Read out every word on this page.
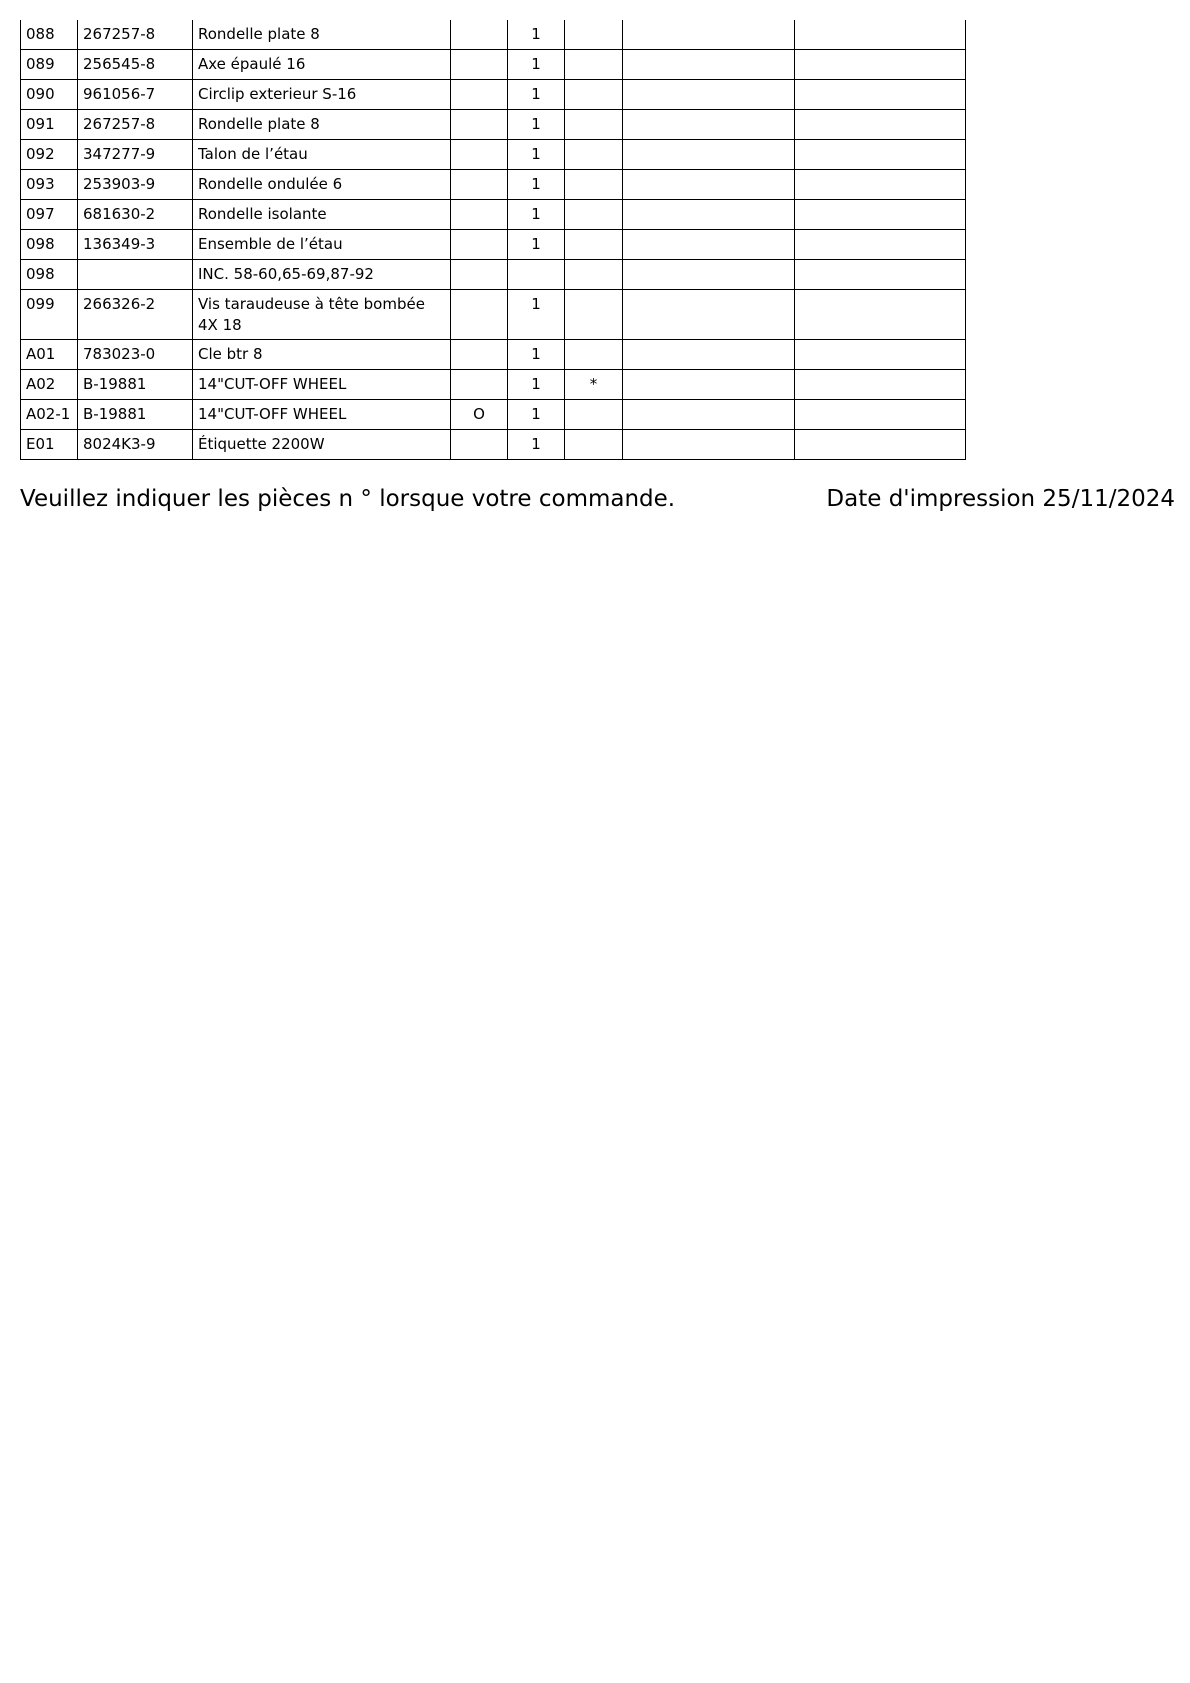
088	267257-8	Rondelle plate 8		1			
089	256545-8	Axe épaulé 16		1			
090	961056-7	Circlip exterieur S-16		1			
091	267257-8	Rondelle plate 8		1			
092	347277-9	Talon de l’étau		1			
093	253903-9	Rondelle ondulée 6		1			
097	681630-2	Rondelle isolante		1			
098	136349-3	Ensemble de l’étau		1			
098		INC. 58-60,65-69,87-92					
099	266326-2	Vis taraudeuse à tête bombée 4X 18		1			
A01	783023-0	Cle btr 8		1			
A02	B-19881	14"CUT-OFF WHEEL		1	*		
A02-1	B-19881	14"CUT-OFF WHEEL	O	1			
E01	8024K3-9	Étiquette 2200W		1			
Veuillez indiquer les pièces n ° lorsque votre commande.	Date d'impression 25/11/2024
